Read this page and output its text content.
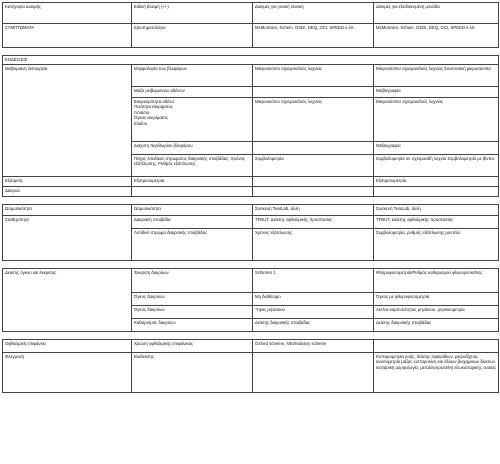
Κατηγορία Δοκιμής	Ειδική δοκιμή (+/-)	Δοκιμές για γενική κλινική	Δοκιμές για εξειδικευμένη μονάδα
ΣΥΜΠΤΩΜΑΤΑ	Ερωτηματολόγια	McMonnies, Schein, OSDI, DEQ, OCI, SPEED κ.λπ.	McMonnies, Schein, OSDI, DEQ, OCI, SPEED κ.λπ.

ΕΝΔΕΙΞΕΙΣ			
Μεϊβομιανή λειτουργία	Μορφολογία των βλεφάρων	Μικροσκόπιο σχισμοειδούς λυχνίας	Μικροσκόπιο σχισμοειδούς λυχνίας Συνεστιακή μικροσκοπία
	Μάζα μεϊβομιανών αδένων		Μεϊβογραφία
	Εκκρισιμότητα αδένα
Ποιότητα εκκρίματος
πΛαίσιο
Όγκος εκκρίματος
Ελαίου	Μικροσκόπιο σχισμοειδούς λυχνίας	Μικροσκόπιο σχισμοειδούς λυχνίας
	Διάχυτη περιθωρίου βλεφάρου		Μεϊβογραφία
	Πάχος λιπιδικού στρώματος δακρυϊκής στοιβάδας, Χρόνος εξάπλωσης, Ρυθμός εξάπλωσης	Συμβολομετρία	Συμβολομετρία σε σχισμοειδή λυχνία Συμβολομετρία με βίντεο
Εξάτμιση	Εξατμισιομετρία		Εξατμισιομετρία
Δάκρυα			

Ωσμωτικότητα	Ωσμωτικότητα	Συσκευή TearLab, άλλη	Συσκευή TearLab, άλλη
Σταθερότητα	Δακρυϊκή στοιβάδα	TFBUT, Δείκτης οφθαλμικής προστασίας	TFBUT, Δείκτης οφθαλμικής προστασίας
	Λιπιδικό στρώμα δακρυϊκής στοιβάδας	Χρόνος εξάπλωσης	Συμβολομετρία, ρυθμός εξάπλωσης μοντέλο

Δείκτης όγκου και έκκρισης	Έκκριση δακρύων	Schirmer 1	Φθοροφωτομετρία/Ρυθμός καθαρισμού φλουορεσκεΐνης
	Όγκος δακρύων	Μη διαθέσιμο	Όγκος με φθοροφωτομετρία
	Όγκος δακρύων	Ύψος μηνίσκου	Ακτίνα καμπυλότητας μηνίσκου, μηνισκομετρία
	Καθαρισμός δακρύων	Δείκτης δακρυϊκής στοιβάδας	Δείκτης δακρυϊκής στοιβάδας

Οφθαλμική επιφάνεια	Χρώση οφθαλμικής επιφάνειας	Oxford scheme, NEI/Industry scheme	
Φλεγμονή	Βιοδείκτης		Κυτταρομετρία ροής, δείκτης σφαιριδίων, μικροδίχτυα, ανοσομετρία μάζας κυτταροκίνη και άλλων βιοχημικών δεικτών, κυτταρική μορφολογία, μεταλλοπρωτεΐνη εξωκυτταρικής ουσίας
